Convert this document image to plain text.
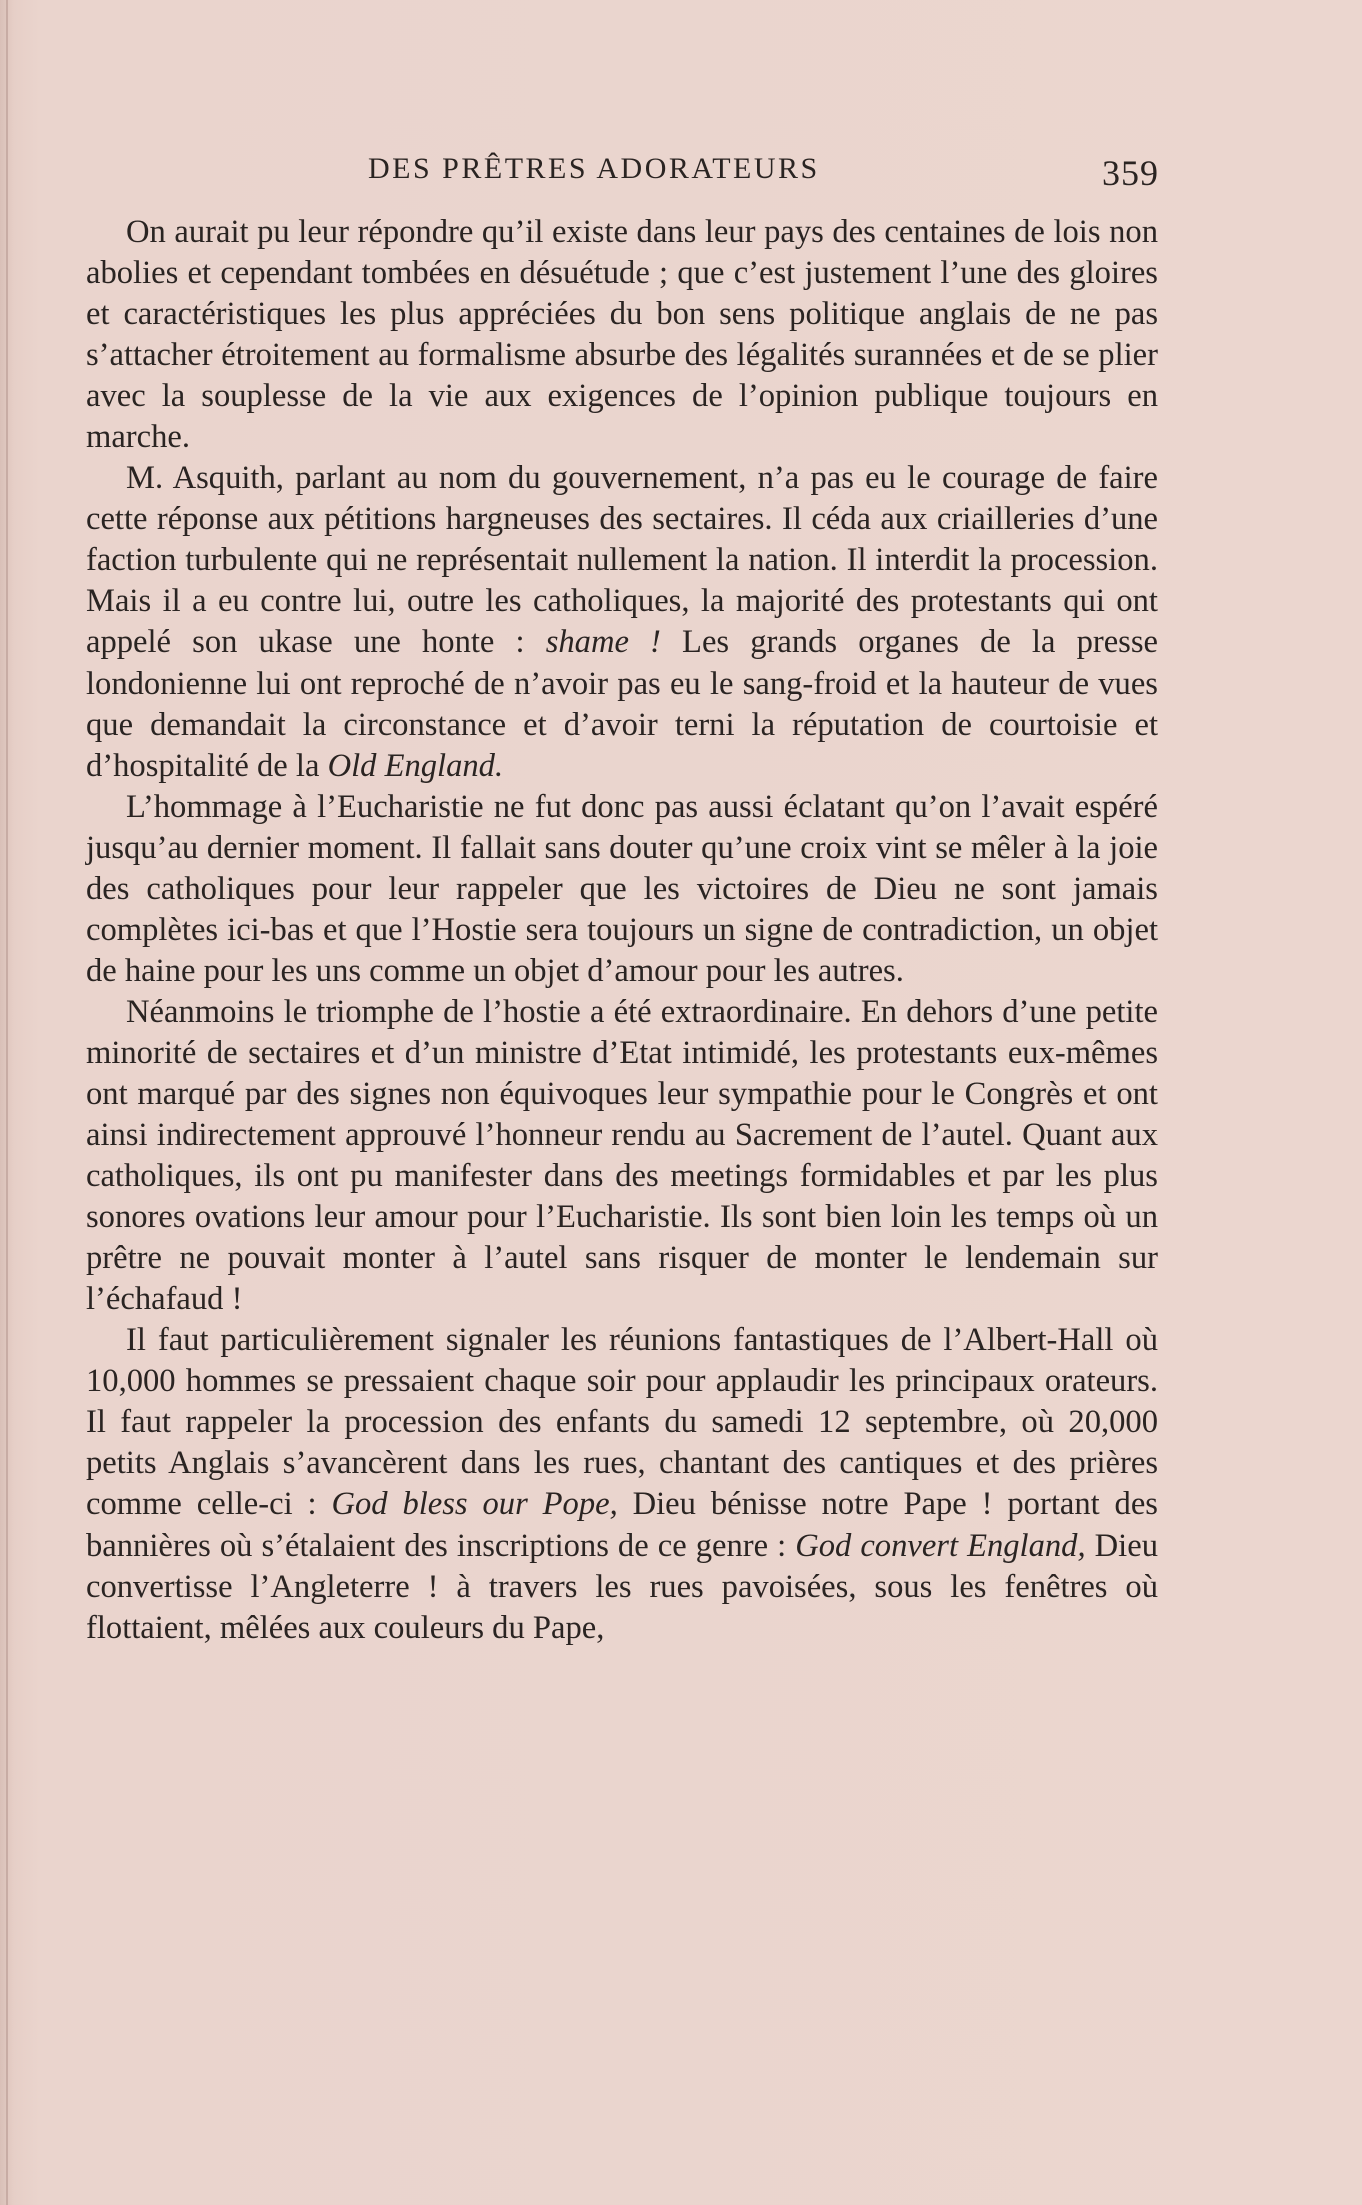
DES PRÊTRES ADORATEURS	359

On aurait pu leur répondre qu’il existe dans leur pays des centaines de lois non abolies et cependant tombées en désuétude ; que c’est justement l’une des gloires et caractéristiques les plus appréciées du bon sens politique anglais de ne pas s’attacher étroitement au formalisme absurbe des légalités surannées et de se plier avec la souplesse de la vie aux exigences de l’opinion publique toujours en marche.

M. Asquith, parlant au nom du gouvernement, n’a pas eu le courage de faire cette réponse aux pétitions hargneuses des sectaires. Il céda aux criailleries d’une faction turbulente qui ne représentait nullement la nation. Il interdit la procession. Mais il a eu contre lui, outre les catholiques, la majorité des protestants qui ont appelé son ukase une honte : shame ! Les grands organes de la presse londonienne lui ont reproché de n’avoir pas eu le sang-froid et la hauteur de vues que demandait la circonstance et d’avoir terni la réputation de courtoisie et d’hospitalité de la Old England.

L’hommage à l’Eucharistie ne fut donc pas aussi éclatant qu’on l’avait espéré jusqu’au dernier moment. Il fallait sans douter qu’une croix vint se mêler à la joie des catholiques pour leur rappeler que les victoires de Dieu ne sont jamais complètes ici-bas et que l’Hostie sera toujours un signe de contradiction, un objet de haine pour les uns comme un objet d’amour pour les autres.

Néanmoins le triomphe de l’hostie a été extraordinaire. En dehors d’une petite minorité de sectaires et d’un ministre d’Etat intimidé, les protestants eux-mêmes ont marqué par des signes non équivoques leur sympathie pour le Congrès et ont ainsi indirectement approuvé l’honneur rendu au Sacrement de l’autel. Quant aux catholiques, ils ont pu manifester dans des meetings formidables et par les plus sonores ovations leur amour pour l’Eucharistie. Ils sont bien loin les temps où un prêtre ne pouvait monter à l’autel sans risquer de monter le lendemain sur l’échafaud !

Il faut particulièrement signaler les réunions fantastiques de l’Albert-Hall où 10,000 hommes se pressaient chaque soir pour applaudir les principaux orateurs. Il faut rappeler la procession des enfants du samedi 12 septembre, où 20,000 petits Anglais s’avancèrent dans les rues, chantant des cantiques et des prières comme celle-ci : God bless our Pope, Dieu bénisse notre Pape ! portant des bannières où s’étalaient des inscriptions de ce genre : God convert England, Dieu convertisse l’Angleterre ! à travers les rues pavoisées, sous les fenêtres où flottaient, mêlées aux couleurs du Pape,
